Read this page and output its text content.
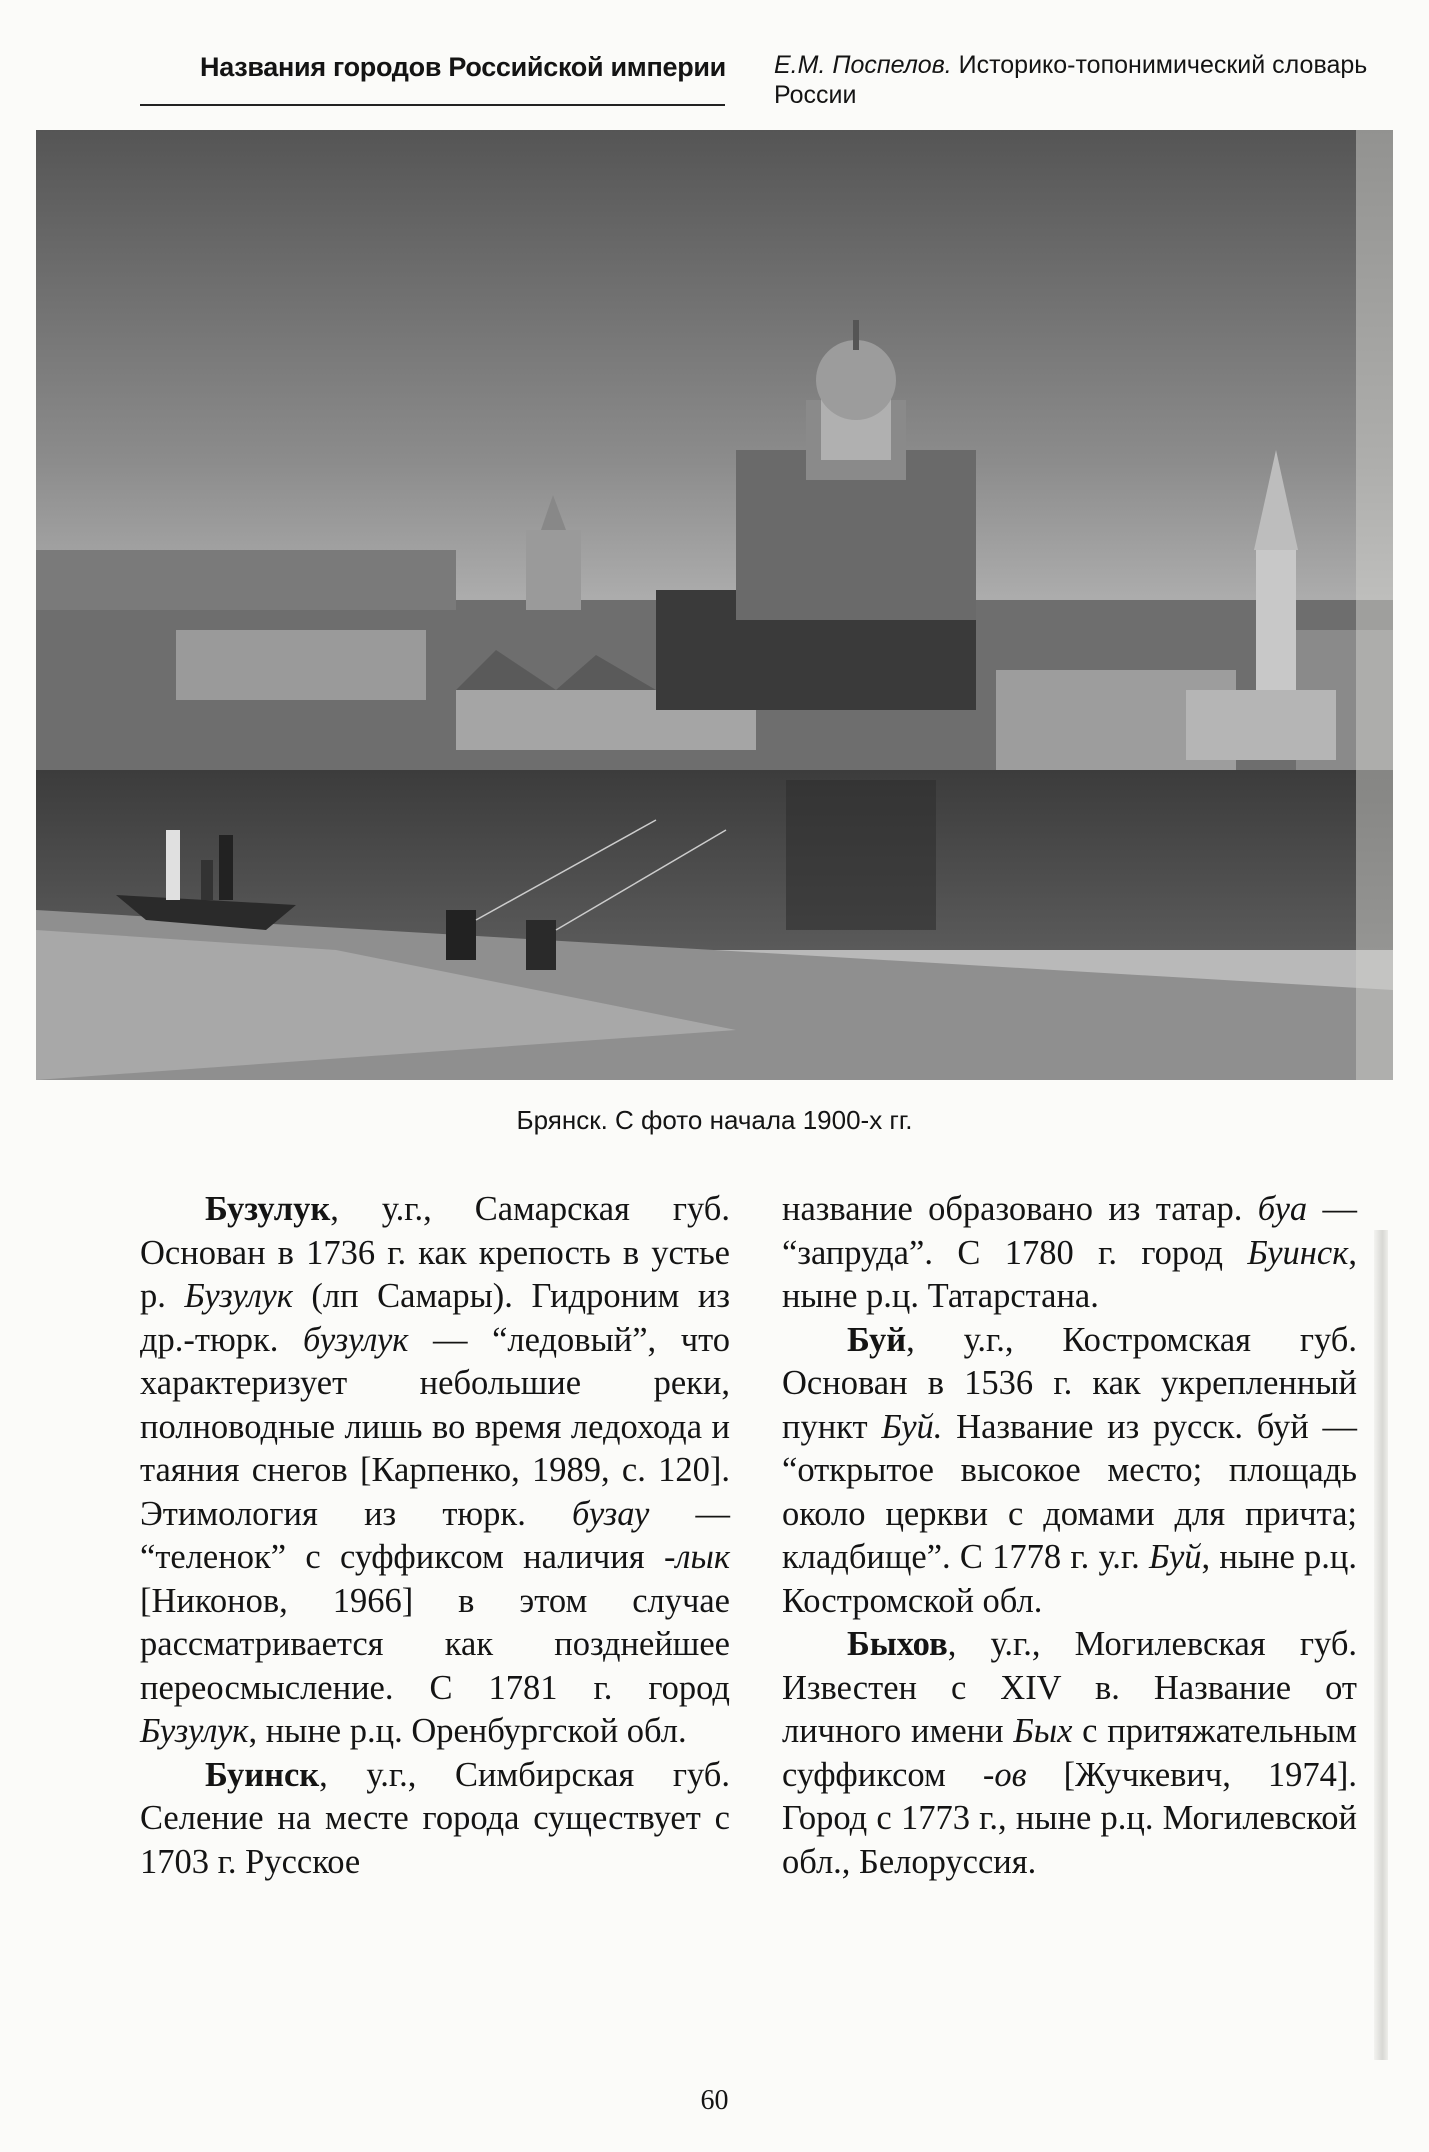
Названия городов Российской империи Е.М. Поспелов. Историко-топонимический словарь России
Брянск. С фото начала 1900-х гг.

Бузулук, у.г., Самарская губ. Основан в 1736 г. как крепость в устье р. Бузулук (лп Самары). Гидроним из др.-тюрк. бузулук — “ледовый”, что характеризует небольшие реки, полноводные лишь во время ледохода и таяния снегов [Карпенко, 1989, с. 120]. Этимология из тюрк. бузау — “теленок” с суффиксом наличия -лык [Никонов, 1966] в этом случае рассматривается как позднейшее переосмысление. С 1781 г. город Бузулук, ныне р.ц. Оренбургской обл.

Буинск, у.г., Симбирская губ. Селение на месте города существует с 1703 г. Русское

название образовано из татар. буа — “запруда”. С 1780 г. город Буинск, ныне р.ц. Татарстана.

Буй, у.г., Костромская губ. Основан в 1536 г. как укрепленный пункт Буй. Название из русск. буй — “открытое высокое место; площадь около церкви с домами для причта; кладбище”. С 1778 г. у.г. Буй, ныне р.ц. Костромской обл.

Быхов, у.г., Могилевская губ. Известен с XIV в. Название от личного имени Быx с притяжательным суффиксом -ов [Жучкевич, 1974]. Город с 1773 г., ныне р.ц. Могилевской обл., Белоруссия.

60
